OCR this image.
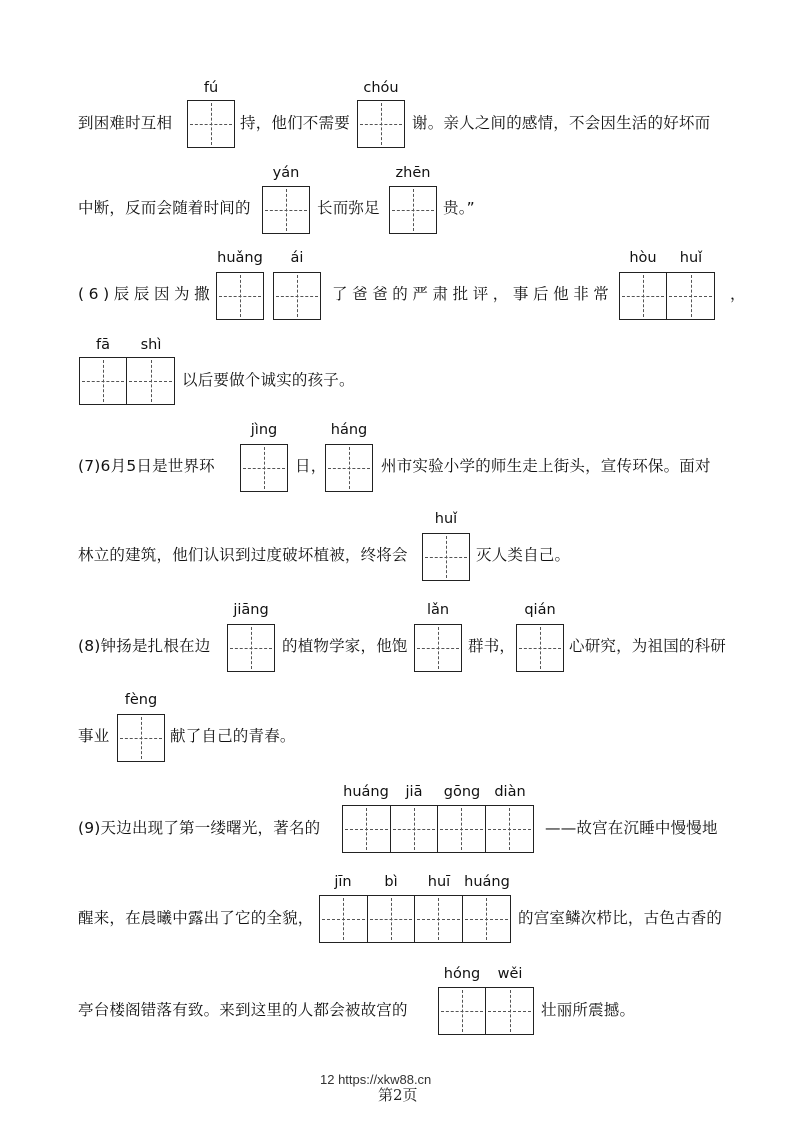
到困难时互相
fú
持，他们不需要
chóu
谢。亲人之间的感情，不会因生活的好坏而
中断，反而会随着时间的
yán
长而弥足
zhēn
贵。”
(6)辰辰因为撒
huǎng	ái
了爸爸的严肃批评，事后他非常
hòu	huǐ
，
fā	shì
以后要做个诚实的孩子。
(7)6月5日是世界环
jìng
日，
háng
州市实验小学的师生走上街头，宣传环保。面对
林立的建筑，他们认识到过度破坏植被，终将会
huǐ
灭人类自己。
(8)钟扬是扎根在边
jiāng
的植物学家，他饱
lǎn
群书，
qián
心研究，为祖国的科研
事业
fèng
献了自己的青春。
(9)天边出现了第一缕曙光，著名的
huáng	jiā	gōng diàn
——故宫在沉睡中慢慢地
醒来，在晨曦中露出了它的全貌，
jīn	bì	huī huáng
的宫室鳞次栉比，古色古香的
亭台楼阁错落有致。来到这里的人都会被故宫的
hóng	wěi
壮丽所震撼。
12 https://xkw88.cn
第2页
